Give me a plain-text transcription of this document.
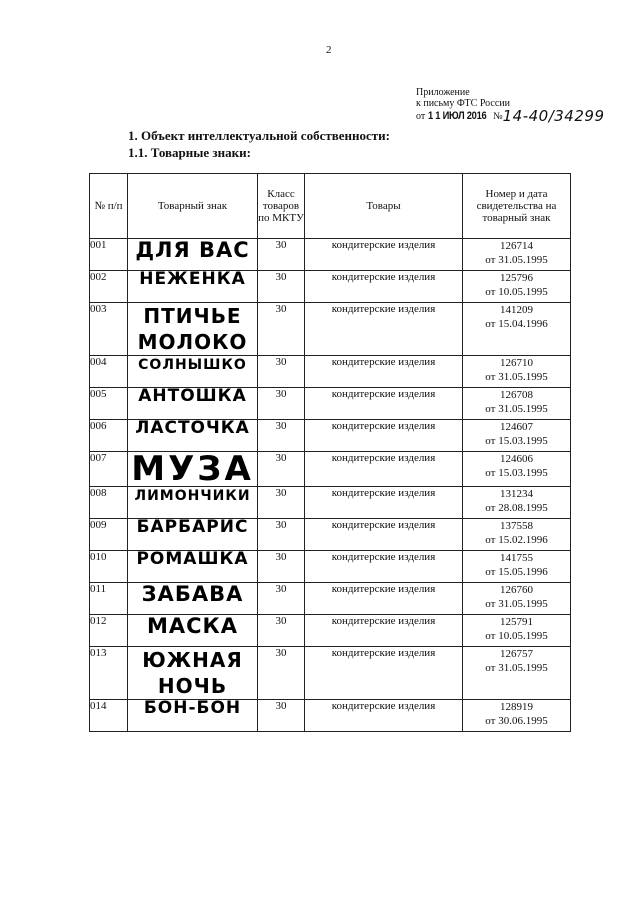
2
Приложение
к письму ФТС России
от 1 1 ИЮЛ 2016 №14-40/34299
1. Объект интеллектуальной собственности:
1.1. Товарные знаки:
№ п/п	Товарный знак	Класс товаров по МКТУ	Товары	Номер и дата свидетельства на товарный знак
001	ДЛЯ ВАС	30	кондитерские изделия	126714
от 31.05.1995

002	НЕЖЕНКА	30	кондитерские изделия	125796
от 10.05.1995

003	ПТИЧЬЕ МОЛОКО	30	кондитерские изделия	141209
от 15.04.1996

004	СОЛНЫШКО	30	кондитерские изделия	126710
от 31.05.1995

005	АНТОШКА	30	кондитерские изделия	126708
от 31.05.1995

006	ЛАСТОЧКА	30	кондитерские изделия	124607
от 15.03.1995

007	МУЗА	30	кондитерские изделия	124606
от 15.03.1995

008	ЛИМОНЧИКИ	30	кондитерские изделия	131234
от 28.08.1995

009	БАРБАРИС	30	кондитерские изделия	137558
от 15.02.1996

010	РОМАШКА	30	кондитерские изделия	141755
от 15.05.1996

011	ЗАБАВА	30	кондитерские изделия	126760
от 31.05.1995

012	МАСКА	30	кондитерские изделия	125791
от 10.05.1995

013	ЮЖНАЯ НОЧЬ	30	кондитерские изделия	126757
от 31.05.1995

014	БОН-БОН	30	кондитерские изделия	128919
от 30.06.1995
